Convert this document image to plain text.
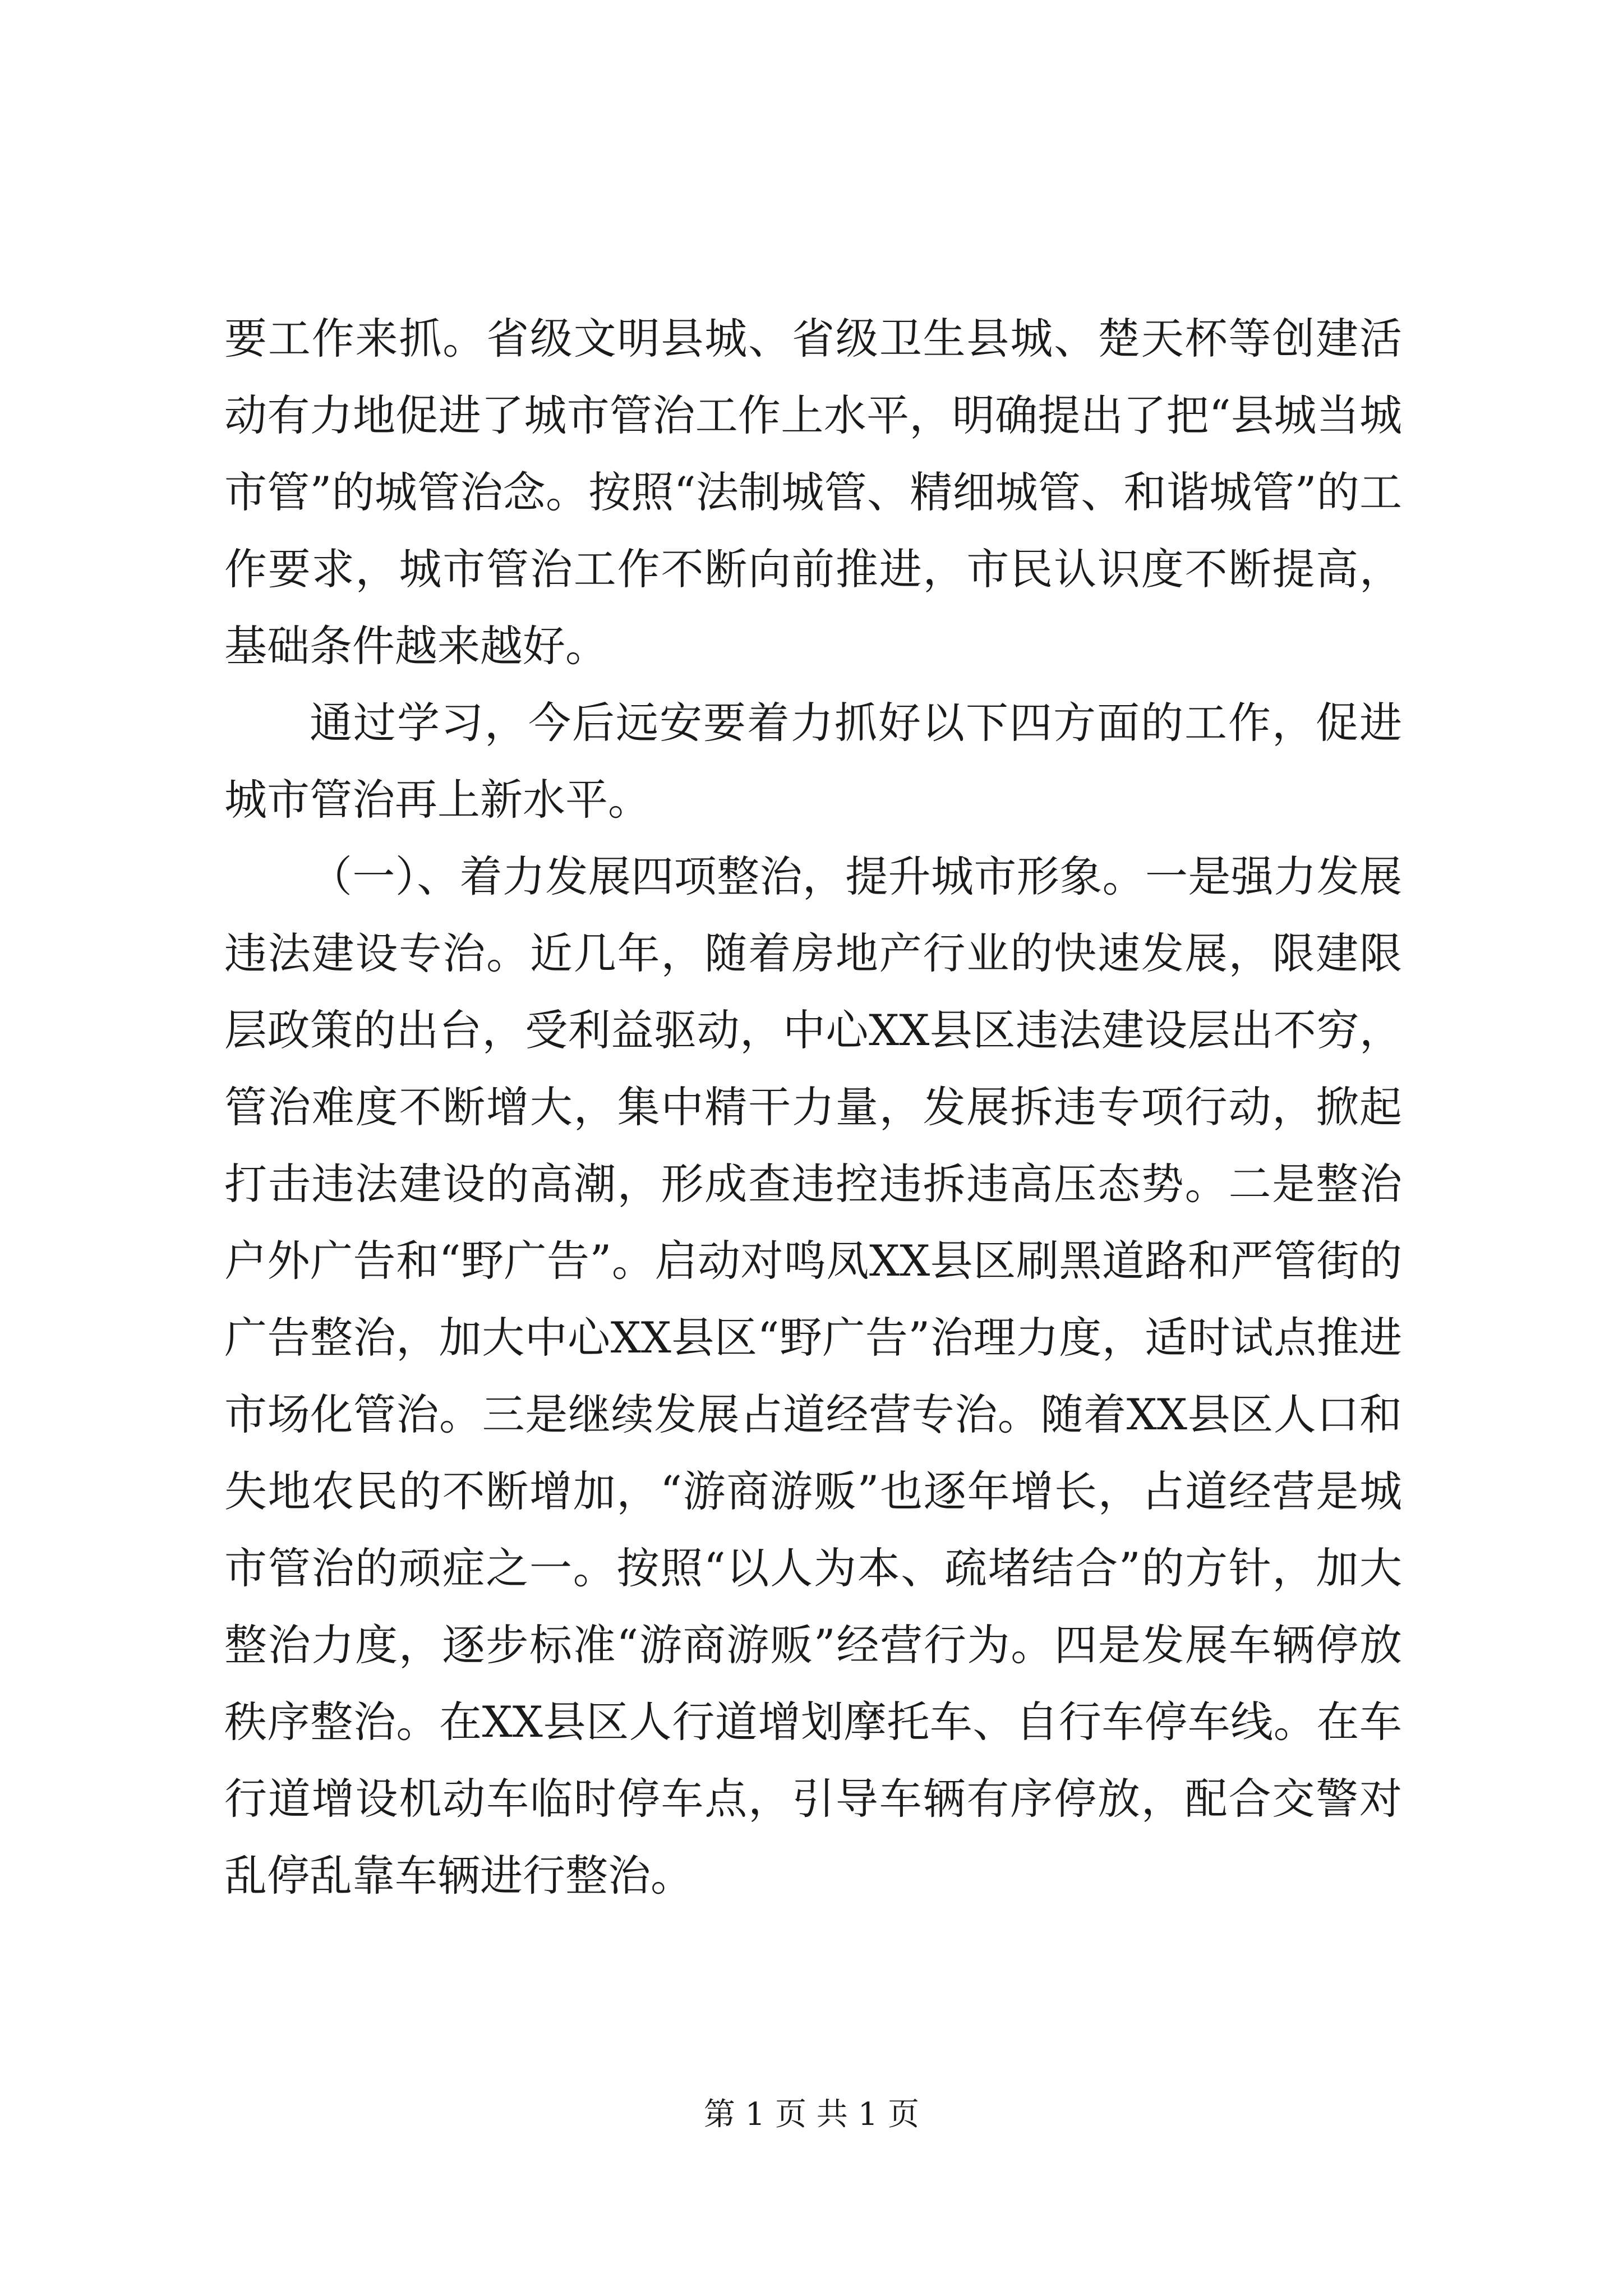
要工作来抓。省级文明县城、省级卫生县城、楚天杯等创建活动有力地促进了城市管治工作上水平，明确提出了把“县城当城市管”的城管治念。按照“法制城管、精细城管、和谐城管”的工作要求，城市管治工作不断向前推进，市民认识度不断提高，基础条件越来越好。

通过学习，今后远安要着力抓好以下四方面的工作，促进城市管治再上新水平。

（一）、着力发展四项整治，提升城市形象。一是强力发展违法建设专治。近几年，随着房地产行业的快速发展，限建限层政策的出台，受利益驱动，中心XX县区违法建设层出不穷，管治难度不断增大，集中精干力量，发展拆违专项行动，掀起打击违法建设的高潮，形成查违控违拆违高压态势。二是整治户外广告和“野广告”。启动对鸣凤XX县区刷黑道路和严管街的广告整治，加大中心XX县区“野广告”治理力度，适时试点推进市场化管治。三是继续发展占道经营专治。随着XX县区人口和失地农民的不断增加，“游商游贩”也逐年增长，占道经营是城市管治的顽症之一。按照“以人为本、疏堵结合”的方针，加大整治力度，逐步标准“游商游贩”经营行为。四是发展车辆停放秩序整治。在XX县区人行道增划摩托车、自行车停车线。在车行道增设机动车临时停车点，引导车辆有序停放，配合交警对乱停乱靠车辆进行整治。

第 1 页 共 1 页
